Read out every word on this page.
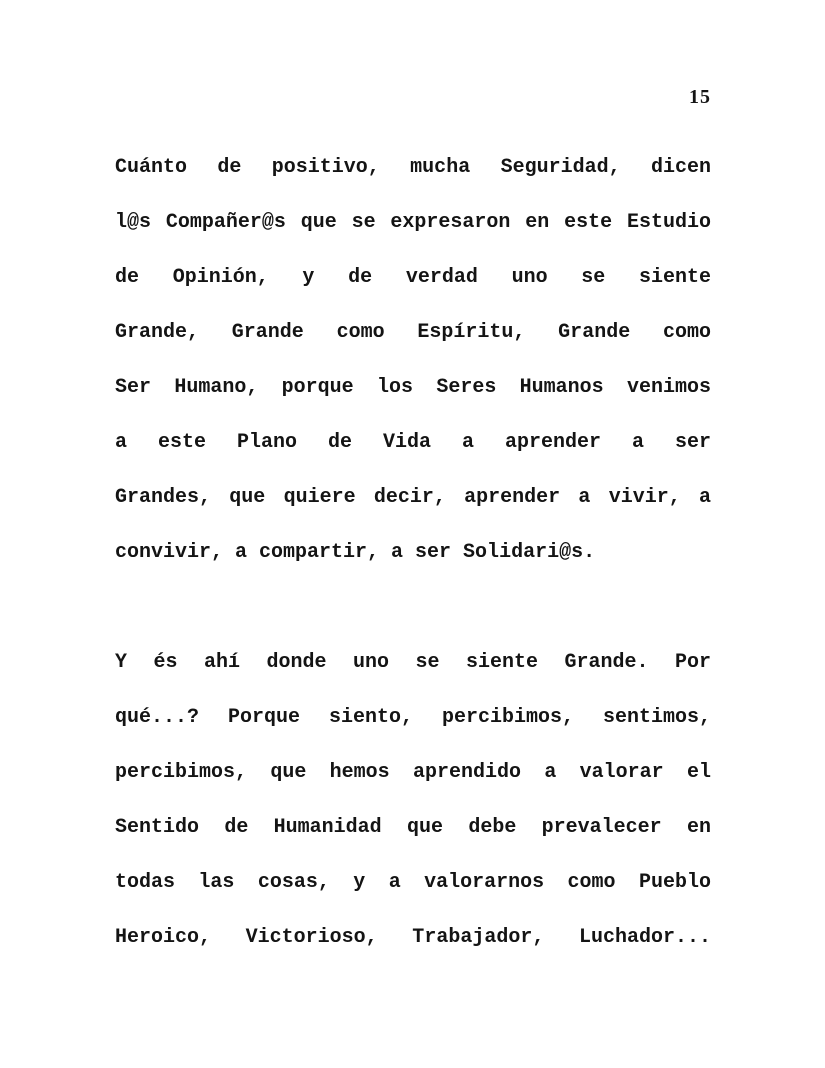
15
Cuánto de positivo, mucha Seguridad, dicen
l@s Compañer@s que se expresaron en este Estudio
de Opinión, y de verdad uno se siente
Grande, Grande como Espíritu, Grande como
Ser Humano, porque los Seres Humanos venimos
a este Plano de Vida a aprender a ser
Grandes, que quiere decir, aprender a vivir, a
convivir, a compartir, a ser Solidari@s.
Y és ahí donde uno se siente Grande. Por
qué...? Porque siento, percibimos, sentimos,
percibimos, que hemos aprendido a valorar el
Sentido de Humanidad que debe prevalecer en
todas las cosas, y a valorarnos como Pueblo
Heroico, Victorioso, Trabajador, Luchador...
